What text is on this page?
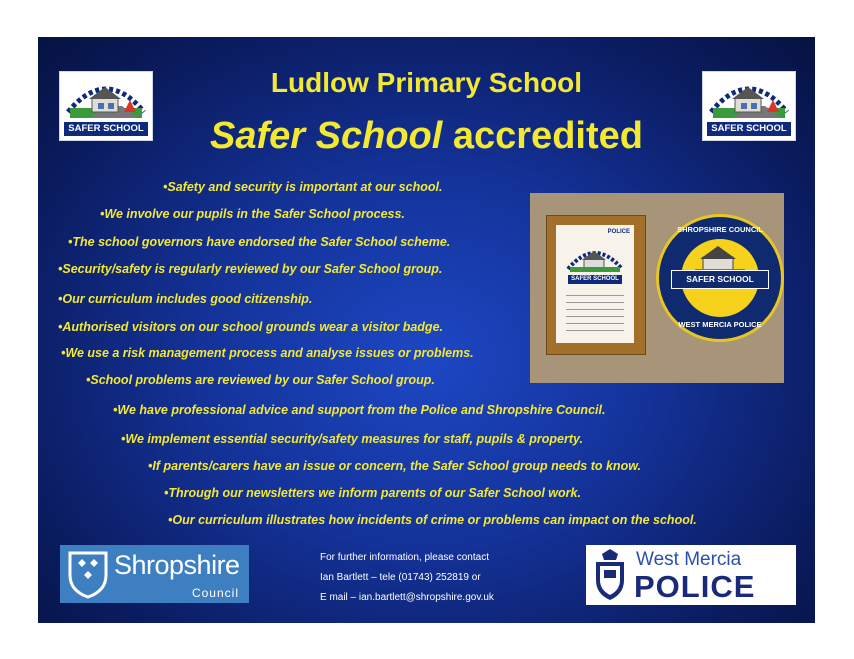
SAFER SCHOOL	SAFER SCHOOL
Ludlow Primary School
Safer School accredited
•Safety and security is important at our school.
•We involve our pupils in the Safer School process.
•The school governors have endorsed the Safer School scheme.
•Security/safety is regularly reviewed by our Safer School group.
•Our curriculum includes good citizenship.
•Authorised visitors on our school grounds wear a visitor badge.
•We use a risk management process and analyse issues or problems.
•School problems are reviewed by our Safer School group.
•We have professional advice and support from the Police and Shropshire Council.
•We implement essential security/safety measures for staff, pupils & property.
•If parents/carers have an issue or concern, the Safer School group needs to know.
•Through our newsletters we inform parents of our Safer School work.
•Our curriculum illustrates how incidents of crime or problems can impact on the school.
POLICE
SAFER SCHOOL
SHROPSHIRE COUNCIL
SAFER SCHOOL
WEST MERCIA POLICE
Shropshire
Council
For further information, please contact
Ian Bartlett – tele (01743) 252819 or
E mail – ian.bartlett@shropshire.gov.uk
West Mercia
POLICE
